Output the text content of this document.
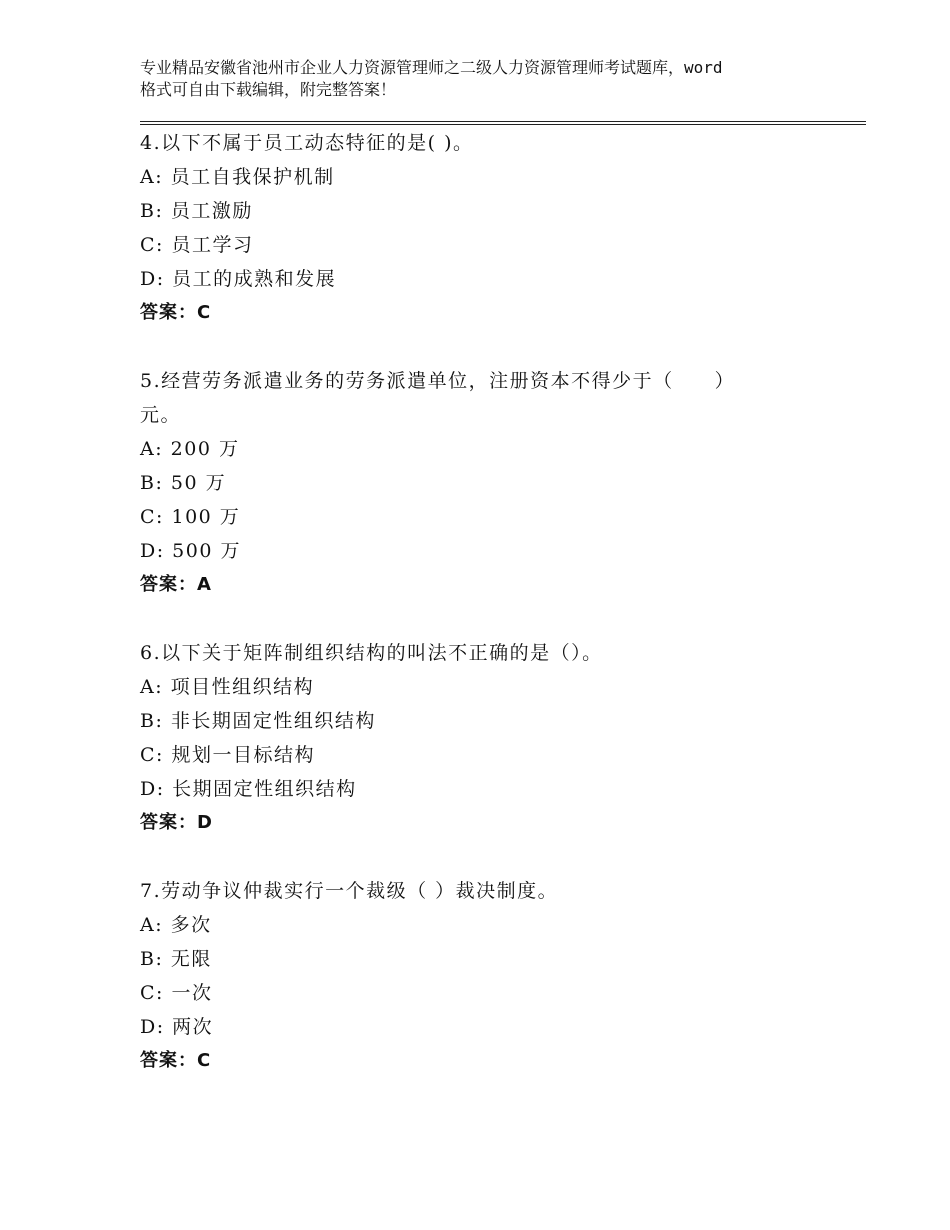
专业精品安徽省池州市企业人力资源管理师之二级人力资源管理师考试题库，word
格式可自由下载编辑，附完整答案！
4.以下不属于员工动态特征的是( )。
A: 员工自我保护机制
B: 员工激励
C: 员工学习
D: 员工的成熟和发展
答案：C
5.经营劳务派遣业务的劳务派遣单位，注册资本不得少于（　　）
元。
A: 200 万
B: 50 万
C: 100 万
D: 500 万
答案：A
6.以下关于矩阵制组织结构的叫法不正确的是（）。
A: 项目性组织结构
B: 非长期固定性组织结构
C: 规划一目标结构
D: 长期固定性组织结构
答案：D
7.劳动争议仲裁实行一个裁级（ ）裁决制度。
A: 多次
B: 无限
C: 一次
D: 两次
答案：C
